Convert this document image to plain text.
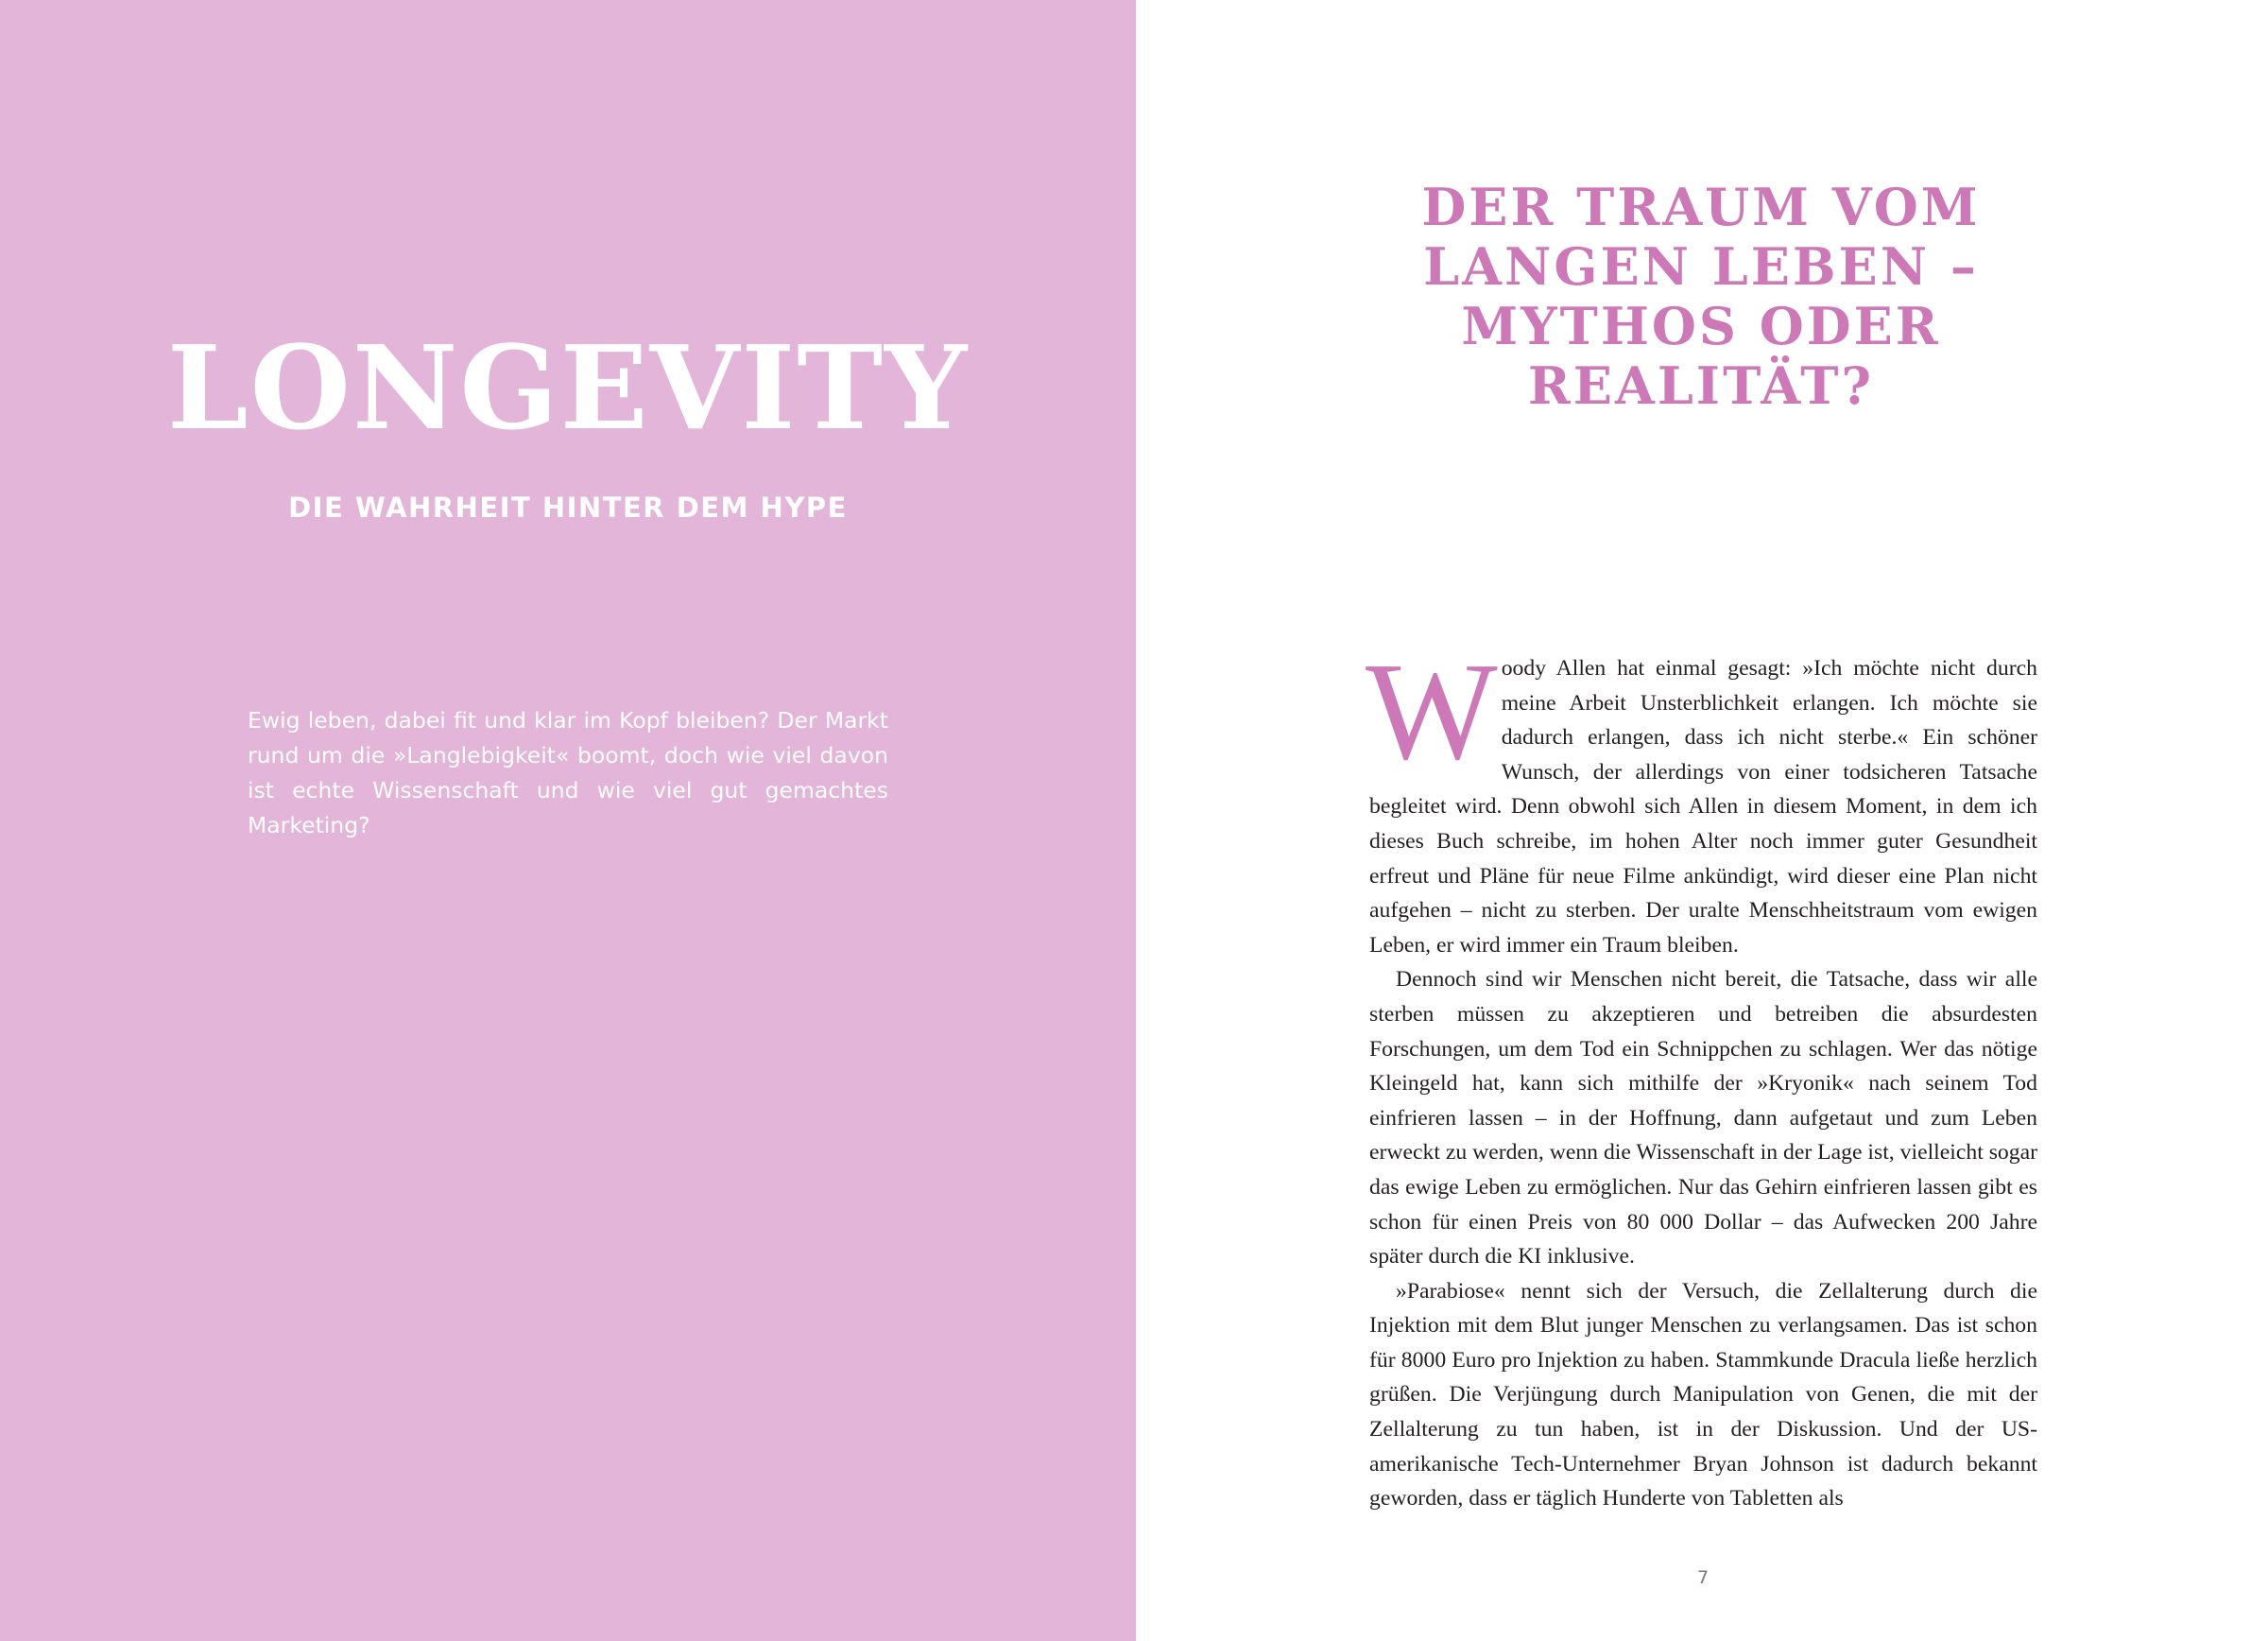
LONGEVITY
DIE WAHRHEIT HINTER DEM HYPE

Ewig leben, dabei fit und klar im Kopf bleiben? Der Markt rund um die »Langlebigkeit« boomt, doch wie viel davon ist echte Wissenschaft und wie viel gut gemachtes Marketing?

DER TRAUM VOM LANGEN LEBEN – MYTHOS ODER REALITÄT?

Woody Allen hat einmal gesagt: »Ich möchte nicht durch meine Arbeit Unsterblichkeit erlangen. Ich möchte sie dadurch erlangen, dass ich nicht sterbe.« Ein schöner Wunsch, der allerdings von einer todsicheren Tatsache begleitet wird. Denn obwohl sich Allen in diesem Moment, in dem ich dieses Buch schreibe, im hohen Alter noch immer guter Gesundheit erfreut und Pläne für neue Filme ankündigt, wird dieser eine Plan nicht aufgehen – nicht zu sterben. Der uralte Menschheitstraum vom ewigen Leben, er wird immer ein Traum bleiben.

Dennoch sind wir Menschen nicht bereit, die Tatsache, dass wir alle sterben müssen zu akzeptieren und betreiben die absurdesten Forschungen, um dem Tod ein Schnippchen zu schlagen. Wer das nötige Kleingeld hat, kann sich mithilfe der »Kryonik« nach seinem Tod einfrieren lassen – in der Hoffnung, dann aufgetaut und zum Leben erweckt zu werden, wenn die Wissenschaft in der Lage ist, vielleicht sogar das ewige Leben zu ermöglichen. Nur das Gehirn einfrieren lassen gibt es schon für einen Preis von 80 000 Dollar – das Aufwecken 200 Jahre später durch die KI inklusive.

»Parabiose« nennt sich der Versuch, die Zellalterung durch die Injektion mit dem Blut junger Menschen zu verlangsamen. Das ist schon für 8000 Euro pro Injektion zu haben. Stammkunde Dracula ließe herzlich grüßen. Die Verjüngung durch Manipulation von Genen, die mit der Zellalterung zu tun haben, ist in der Diskussion. Und der US-amerikanische Tech-Unternehmer Bryan Johnson ist dadurch bekannt geworden, dass er täglich Hunderte von Tabletten als

7
